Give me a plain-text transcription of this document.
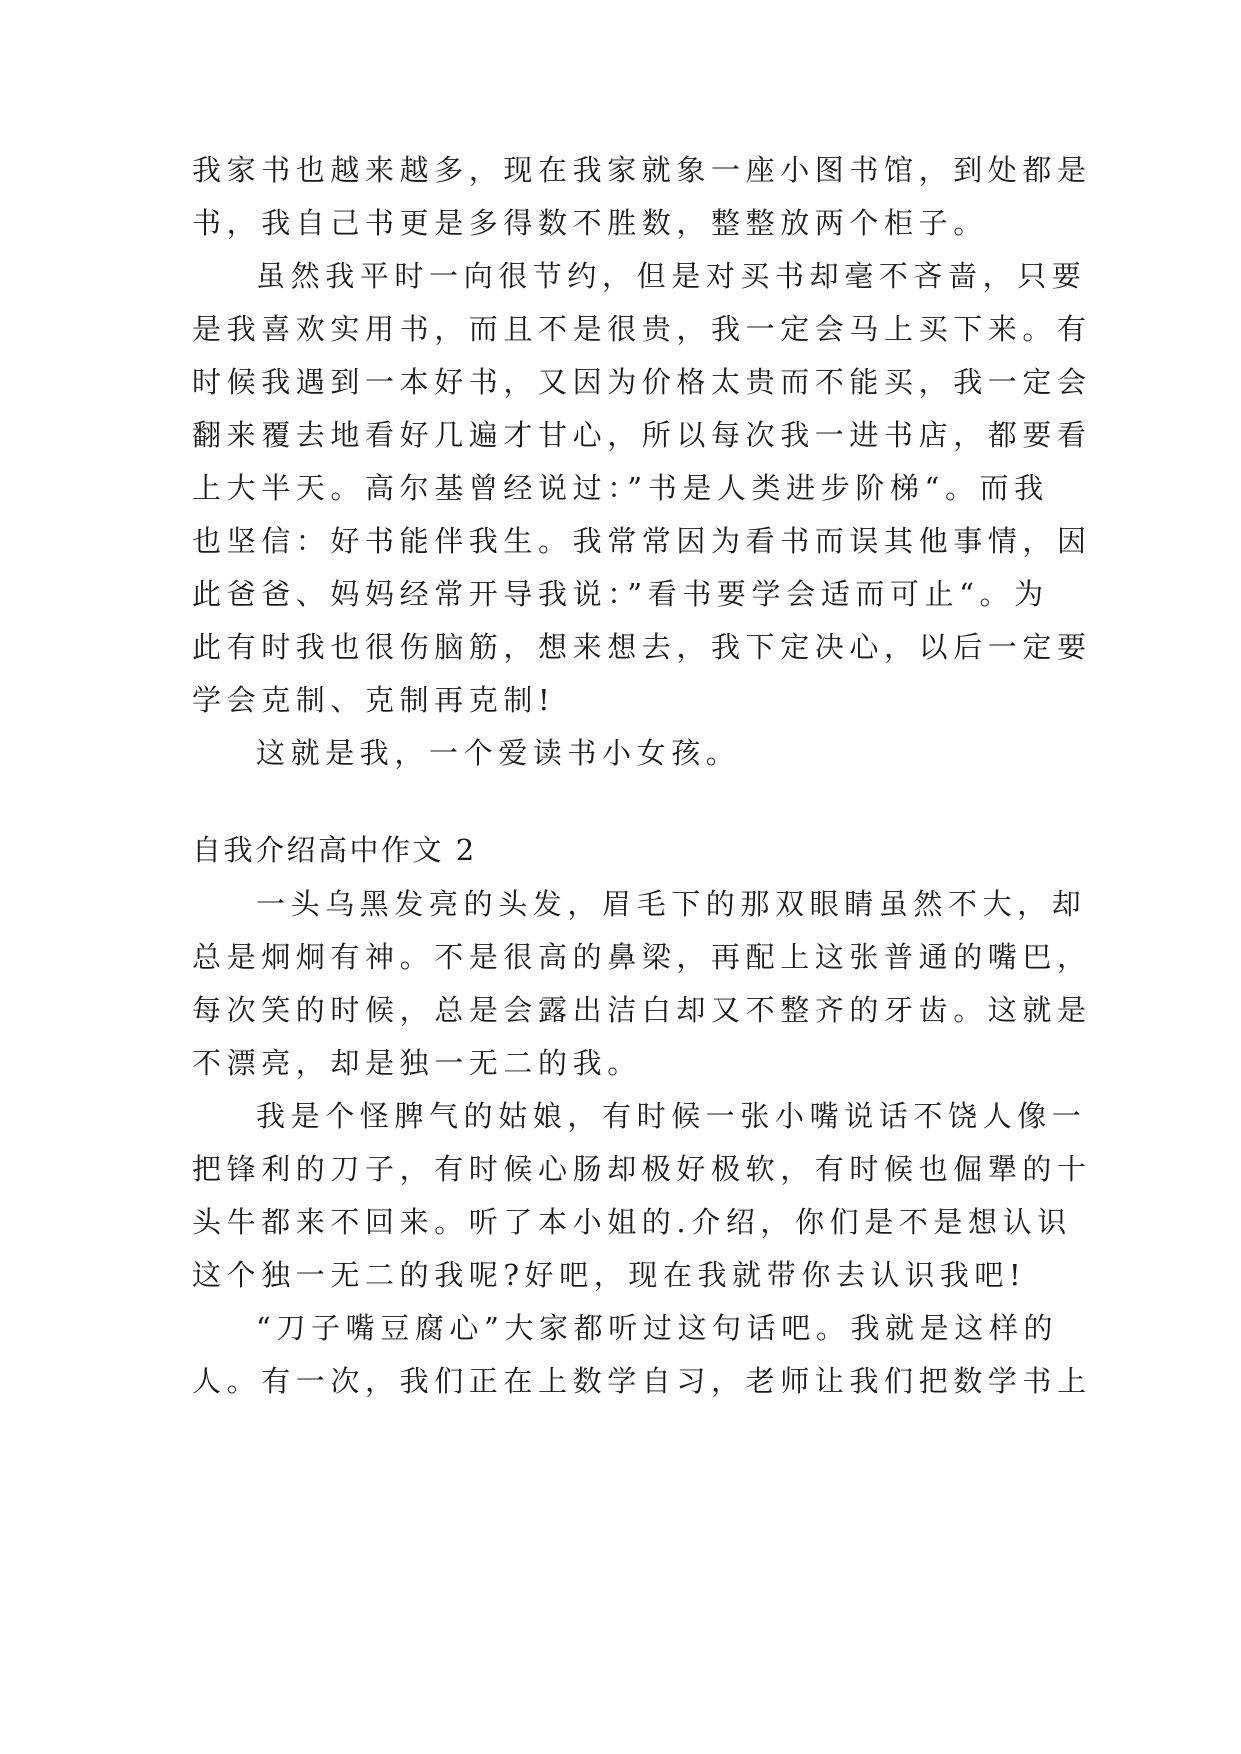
我家书也越来越多，现在我家就象一座小图书馆，到处都是
书，我自己书更是多得数不胜数，整整放两个柜子。
虽然我平时一向很节约，但是对买书却毫不吝啬，只要
是我喜欢实用书，而且不是很贵，我一定会马上买下来。有
时候我遇到一本好书，又因为价格太贵而不能买，我一定会
翻来覆去地看好几遍才甘心，所以每次我一进书店，都要看
上大半天。高尔基曾经说过：”书是人类进步阶梯“。而我
也坚信：好书能伴我生。我常常因为看书而误其他事情，因
此爸爸、妈妈经常开导我说：”看书要学会适而可止“。为
此有时我也很伤脑筋，想来想去，我下定决心，以后一定要
学会克制、克制再克制!
这就是我，一个爱读书小女孩。
自我介绍高中作文 2
一头乌黑发亮的头发，眉毛下的那双眼睛虽然不大，却
总是炯炯有神。不是很高的鼻梁，再配上这张普通的嘴巴，
每次笑的时候，总是会露出洁白却又不整齐的牙齿。这就是
不漂亮，却是独一无二的我。
我是个怪脾气的姑娘，有时候一张小嘴说话不饶人像一
把锋利的刀子，有时候心肠却极好极软，有时候也倔犟的十
头牛都来不回来。听了本小姐的.介绍，你们是不是想认识
这个独一无二的我呢?好吧，现在我就带你去认识我吧!
“刀子嘴豆腐心”大家都听过这句话吧。我就是这样的
人。有一次，我们正在上数学自习，老师让我们把数学书上
